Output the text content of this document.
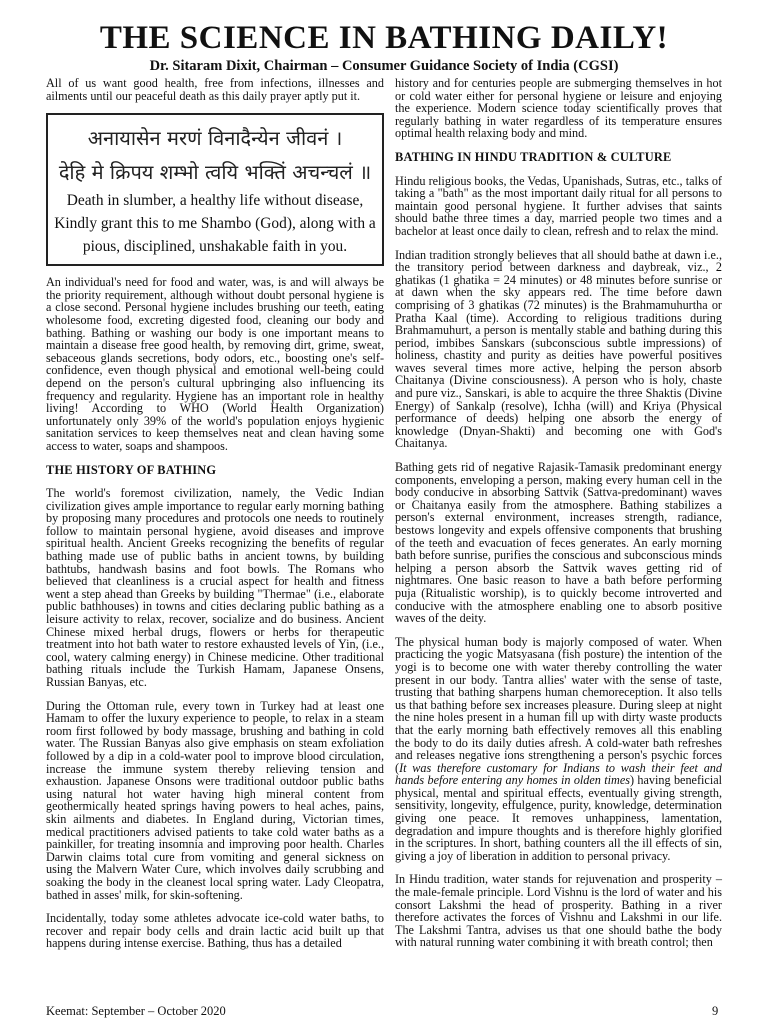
THE SCIENCE IN BATHING DAILY!
Dr. Sitaram Dixit, Chairman – Consumer Guidance Society of India (CGSI)

All of us want good health, free from infections, illnesses and ailments until our peaceful death as this daily prayer aptly put it.

अनायासेन मरणं विनादैन्येन जीवनं ।
देहि मे क्रिपय शम्भो त्वयि भक्तिं अचन्चलं ॥
Death in slumber, a healthy life without disease, Kindly grant this to me Shambo (God), along with a pious, disciplined, unshakable faith in you.

An individual's need for food and water, was, is and will always be the priority requirement, although without doubt personal hygiene is a close second. Personal hygiene includes brushing our teeth, eating wholesome food, excreting digested food, cleaning our body and bathing. Bathing or washing our body is one important means to maintain a disease free good health, by removing dirt, grime, sweat, sebaceous glands secretions, body odors, etc., boosting one's self-confidence, even though physical and emotional well-being could depend on the person's cultural upbringing also influencing its frequency and regularity. Hygiene has an important role in healthy living! According to WHO (World Health Organization) unfortunately only 39% of the world's population enjoys hygienic sanitation services to keep themselves neat and clean having some access to water, soaps and shampoos.

THE HISTORY OF BATHING

The world's foremost civilization, namely, the Vedic Indian civilization gives ample importance to regular early morning bathing by proposing many procedures and protocols one needs to routinely follow to maintain personal hygiene, avoid diseases and improve spiritual health. Ancient Greeks recognizing the benefits of regular bathing made use of public baths in ancient towns, by building bathtubs, handwash basins and foot bowls. The Romans who believed that cleanliness is a crucial aspect for health and fitness went a step ahead than Greeks by building "Thermae" (i.e., elaborate public bathhouses) in towns and cities declaring public bathing as a leisure activity to relax, recover, socialize and do business. Ancient Chinese mixed herbal drugs, flowers or herbs for therapeutic treatment into hot bath water to restore exhausted levels of Yin, (i.e., cool, watery calming energy) in Chinese medicine. Other traditional bathing rituals include the Turkish Hamam, Japanese Onsens, Russian Banyas, etc.

During the Ottoman rule, every town in Turkey had at least one Hamam to offer the luxury experience to people, to relax in a steam room first followed by body massage, brushing and bathing in cold water. The Russian Banyas also give emphasis on steam exfoliation followed by a dip in a cold-water pool to improve blood circulation, increase the immune system thereby relieving tension and exhaustion. Japanese Onsons were traditional outdoor public baths using natural hot water having high mineral content from geothermically heated springs having powers to heal aches, pains, skin ailments and diabetes. In England during, Victorian times, medical practitioners advised patients to take cold water baths as a painkiller, for treating insomnia and improving poor health. Charles Darwin claims total cure from vomiting and general sickness on using the Malvern Water Cure, which involves daily scrubbing and soaking the body in the cleanest local spring water. Lady Cleopatra, bathed in asses' milk, for skin-softening.

Incidentally, today some athletes advocate ice-cold water baths, to recover and repair body cells and drain lactic acid built up that happens during intense exercise. Bathing, thus has a detailed

history and for centuries people are submerging themselves in hot or cold water either for personal hygiene or leisure and enjoying the experience. Modern science today scientifically proves that regularly bathing in water regardless of its temperature ensures optimal health relaxing body and mind.

BATHING IN HINDU TRADITION & CULTURE

Hindu religious books, the Vedas, Upanishads, Sutras, etc., talks of taking a "bath" as the most important daily ritual for all persons to maintain good personal hygiene. It further advises that saints should bathe three times a day, married people two times and a bachelor at least once daily to clean, refresh and to relax the mind.

Indian tradition strongly believes that all should bathe at dawn i.e., the transitory period between darkness and daybreak, viz., 2 ghatikas (1 ghatika = 24 minutes) or 48 minutes before sunrise or at dawn when the sky appears red. The time before dawn comprising of 3 ghatikas (72 minutes) is the Brahmamuhurtha or Pratha Kaal (time). According to religious traditions during Brahmamuhurt, a person is mentally stable and bathing during this period, imbibes Sanskars (subconscious subtle impressions) of holiness, chastity and purity as deities have powerful positives waves several times more active, helping the person absorb Chaitanya (Divine consciousness). A person who is holy, chaste and pure viz., Sanskari, is able to acquire the three Shaktis (Divine Energy) of Sankalp (resolve), Ichha (will) and Kriya (Physical performance of deeds) helping one absorb the energy of knowledge (Dnyan-Shakti) and becoming one with God's Chaitanya.

Bathing gets rid of negative Rajasik-Tamasik predominant energy components, enveloping a person, making every human cell in the body conducive in absorbing Sattvik (Sattva-predominant) waves or Chaitanya easily from the atmosphere. Bathing stabilizes a person's external environment, increases strength, radiance, bestows longevity and expels offensive components that brushing of the teeth and evacuation of feces generates. An early morning bath before sunrise, purifies the conscious and subconscious minds helping a person absorb the Sattvik waves getting rid of nightmares. One basic reason to have a bath before performing puja (Ritualistic worship), is to quickly become introverted and conducive with the atmosphere enabling one to absorb positive waves of the deity.

The physical human body is majorly composed of water. When practicing the yogic Matsyasana (fish posture) the intention of the yogi is to become one with water thereby controlling the water present in our body. Tantra allies' water with the sense of taste, trusting that bathing sharpens human chemoreception. It also tells us that bathing before sex increases pleasure. During sleep at night the nine holes present in a human fill up with dirty waste products that the early morning bath effectively removes all this enabling the body to do its daily duties afresh. A cold-water bath refreshes and releases negative ions strengthening a person's psychic forces (It was therefore customary for Indians to wash their feet and hands before entering any homes in olden times) having beneficial physical, mental and spiritual effects, eventually giving strength, sensitivity, longevity, effulgence, purity, knowledge, determination giving one peace. It removes unhappiness, lamentation, degradation and impure thoughts and is therefore highly glorified in the scriptures. In short, bathing counters all the ill effects of sin, giving a joy of liberation in addition to personal privacy.

In Hindu tradition, water stands for rejuvenation and prosperity – the male-female principle. Lord Vishnu is the lord of water and his consort Lakshmi the head of prosperity. Bathing in a river therefore activates the forces of Vishnu and Lakshmi in our life. The Lakshmi Tantra, advises us that one should bathe the body with natural running water combining it with breath control; then

Keemat: September – October 2020	9
